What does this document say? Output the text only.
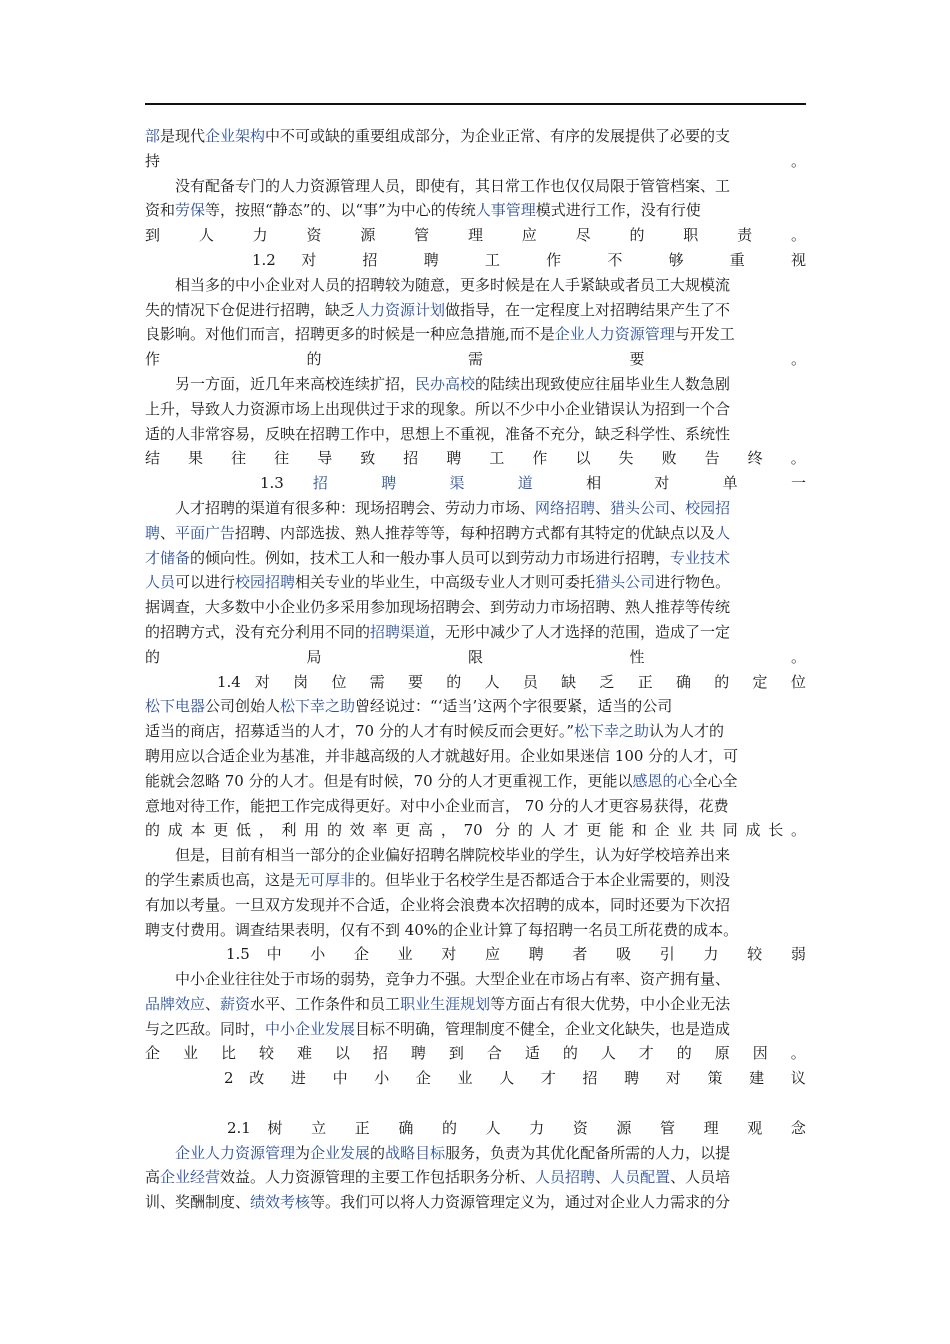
部是现代企业架构中不可或缺的重要组成部分，为企业正常、有序的发展提供了必要的支
持	。
没有配备专门的人力资源管理人员，即使有，其日常工作也仅仅局限于管管档案、工
资和劳保等，按照“静态”的、以“事”为中心的传统人事管理模式进行工作，没有行使
到 人 力 资 源 管 理 应 尽 的 职 责 。
1.2 对 招 聘 工 作 不 够 重 视
相当多的中小企业对人员的招聘较为随意，更多时候是在人手紧缺或者员工大规模流
失的情况下仓促进行招聘，缺乏人力资源计划做指导，在一定程度上对招聘结果产生了不
良影响。对他们而言，招聘更多的时候是一种应急措施,而不是企业人力资源管理与开发工
作	的	需	要	。
另一方面，近几年来高校连续扩招，民办高校的陆续出现致使应往届毕业生人数急剧
上升，导致人力资源市场上出现供过于求的现象。所以不少中小企业错误认为招到一个合
适的人非常容易，反映在招聘工作中，思想上不重视，准备不充分，缺乏科学性、系统性
结 果 往 往 导 致 招 聘 工 作 以 失 败 告 终 。
1.3 招 聘 渠 道 相 对 单 一
人才招聘的渠道有很多种：现场招聘会、劳动力市场、网络招聘、猎头公司、校园招
聘、平面广告招聘、内部选拔、熟人推荐等等，每种招聘方式都有其特定的优缺点以及人
才储备的倾向性。例如，技术工人和一般办事人员可以到劳动力市场进行招聘，专业技术
人员可以进行校园招聘相关专业的毕业生，中高级专业人才则可委托猎头公司进行物色。
据调查，大多数中小企业仍多采用参加现场招聘会、到劳动力市场招聘、熟人推荐等传统
的招聘方式，没有充分利用不同的招聘渠道，无形中减少了人才选择的范围，造成了一定
的	局	限	性	。
1.4 对 岗 位 需 要 的 人 员 缺 乏 正 确 的 定 位
松下电器公司创始人松下幸之助曾经说过：“‘适当’这两个字很要紧，适当的公司
适当的商店，招募适当的人才，70 分的人才有时候反而会更好。”松下幸之助认为人才的
聘用应以合适企业为基准，并非越高级的人才就越好用。企业如果迷信 100 分的人才，可
能就会忽略 70 分的人才。但是有时候，70 分的人才更重视工作，更能以感恩的心全心全
意地对待工作，能把工作完成得更好。对中小企业而言， 70 分的人才更容易获得，花费
的成本更低，利用的效率更高，70 分的人才更能和企业共同成长。
但是，目前有相当一部分的企业偏好招聘名牌院校毕业的学生，认为好学校培养出来
的学生素质也高，这是无可厚非的。但毕业于名校学生是否都适合于本企业需要的，则没
有加以考量。一旦双方发现并不合适，企业将会浪费本次招聘的成本，同时还要为下次招
聘支付费用。调查结果表明，仅有不到 40%的企业计算了每招聘一名员工所花费的成本。
1.5 中 小 企 业 对 应 聘 者 吸 引 力 较 弱
中小企业往往处于市场的弱势，竞争力不强。大型企业在市场占有率、资产拥有量、
品牌效应、薪资水平、工作条件和员工职业生涯规划等方面占有很大优势，中小企业无法
与之匹敌。同时，中小企业发展目标不明确，管理制度不健全，企业文化缺失，也是造成
企 业 比 较 难 以 招 聘 到 合 适 的 人 才 的 原 因 。
2 改 进 中 小 企 业 人 才 招 聘 对 策 建 议
2.1 树 立 正 确 的 人 力 资 源 管 理 观 念
企业人力资源管理为企业发展的战略目标服务，负责为其优化配备所需的人力，以提
高企业经营效益。人力资源管理的主要工作包括职务分析、人员招聘、人员配置、人员培
训、奖酬制度、绩效考核等。我们可以将人力资源管理定义为，通过对企业人力需求的分
